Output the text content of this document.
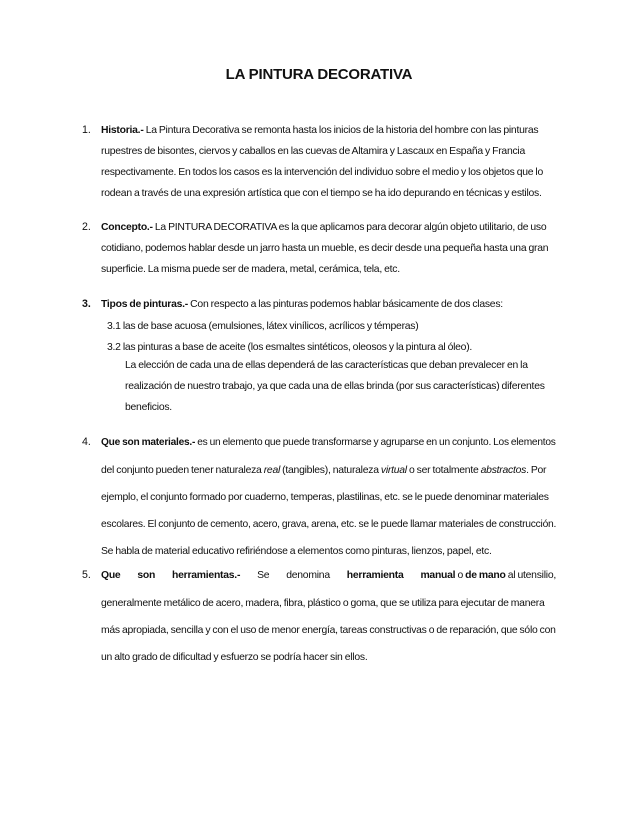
LA PINTURA DECORATIVA
1. Historia.- La Pintura Decorativa se remonta hasta los inicios de la historia del hombre con las pinturas
rupestres de bisontes, ciervos y caballos en las cuevas de Altamira y Lascaux en España y Francia
respectivamente. En todos los casos es la intervención del individuo sobre el medio y los objetos que lo
rodean a través de una expresión artística que con el tiempo se ha ido depurando en técnicas y estilos.
2. Concepto.- La PINTURA DECORATIVA es la que aplicamos para decorar algún objeto utilitario, de uso
cotidiano, podemos hablar desde un jarro hasta un mueble, es decir desde una pequeña hasta una gran
superficie. La misma puede ser de madera, metal, cerámica, tela, etc.
3. Tipos de pinturas.- Con respecto a las pinturas podemos hablar básicamente de dos clases:
3.1 las de base acuosa (emulsiones, látex vinílicos, acrílicos y témperas)
3.2 las pinturas a base de aceite (los esmaltes sintéticos, oleosos y la pintura al óleo).
La elección de cada una de ellas dependerá de las características que deban prevalecer en la
realización de nuestro trabajo, ya que cada una de ellas brinda (por sus características) diferentes
beneficios.
4. Que son materiales.- es un elemento que puede transformarse y agruparse en un conjunto. Los elementos
del conjunto pueden tener naturaleza real (tangibles), naturaleza virtual o ser totalmente abstractos. Por
ejemplo, el conjunto formado por cuaderno, temperas, plastilinas, etc. se le puede denominar materiales
escolares. El conjunto de cemento, acero, grava, arena, etc. se le puede llamar materiales de construcción.
Se habla de material educativo refiriéndose a elementos como pinturas, lienzos, papel, etc.
5. Que son herramientas.- Se denomina herramienta manual o de mano al utensilio,
generalmente metálico de acero, madera, fibra, plástico o goma, que se utiliza para ejecutar de manera
más apropiada, sencilla y con el uso de menor energía, tareas constructivas o de reparación, que sólo con
un alto grado de dificultad y esfuerzo se podría hacer sin ellos.
